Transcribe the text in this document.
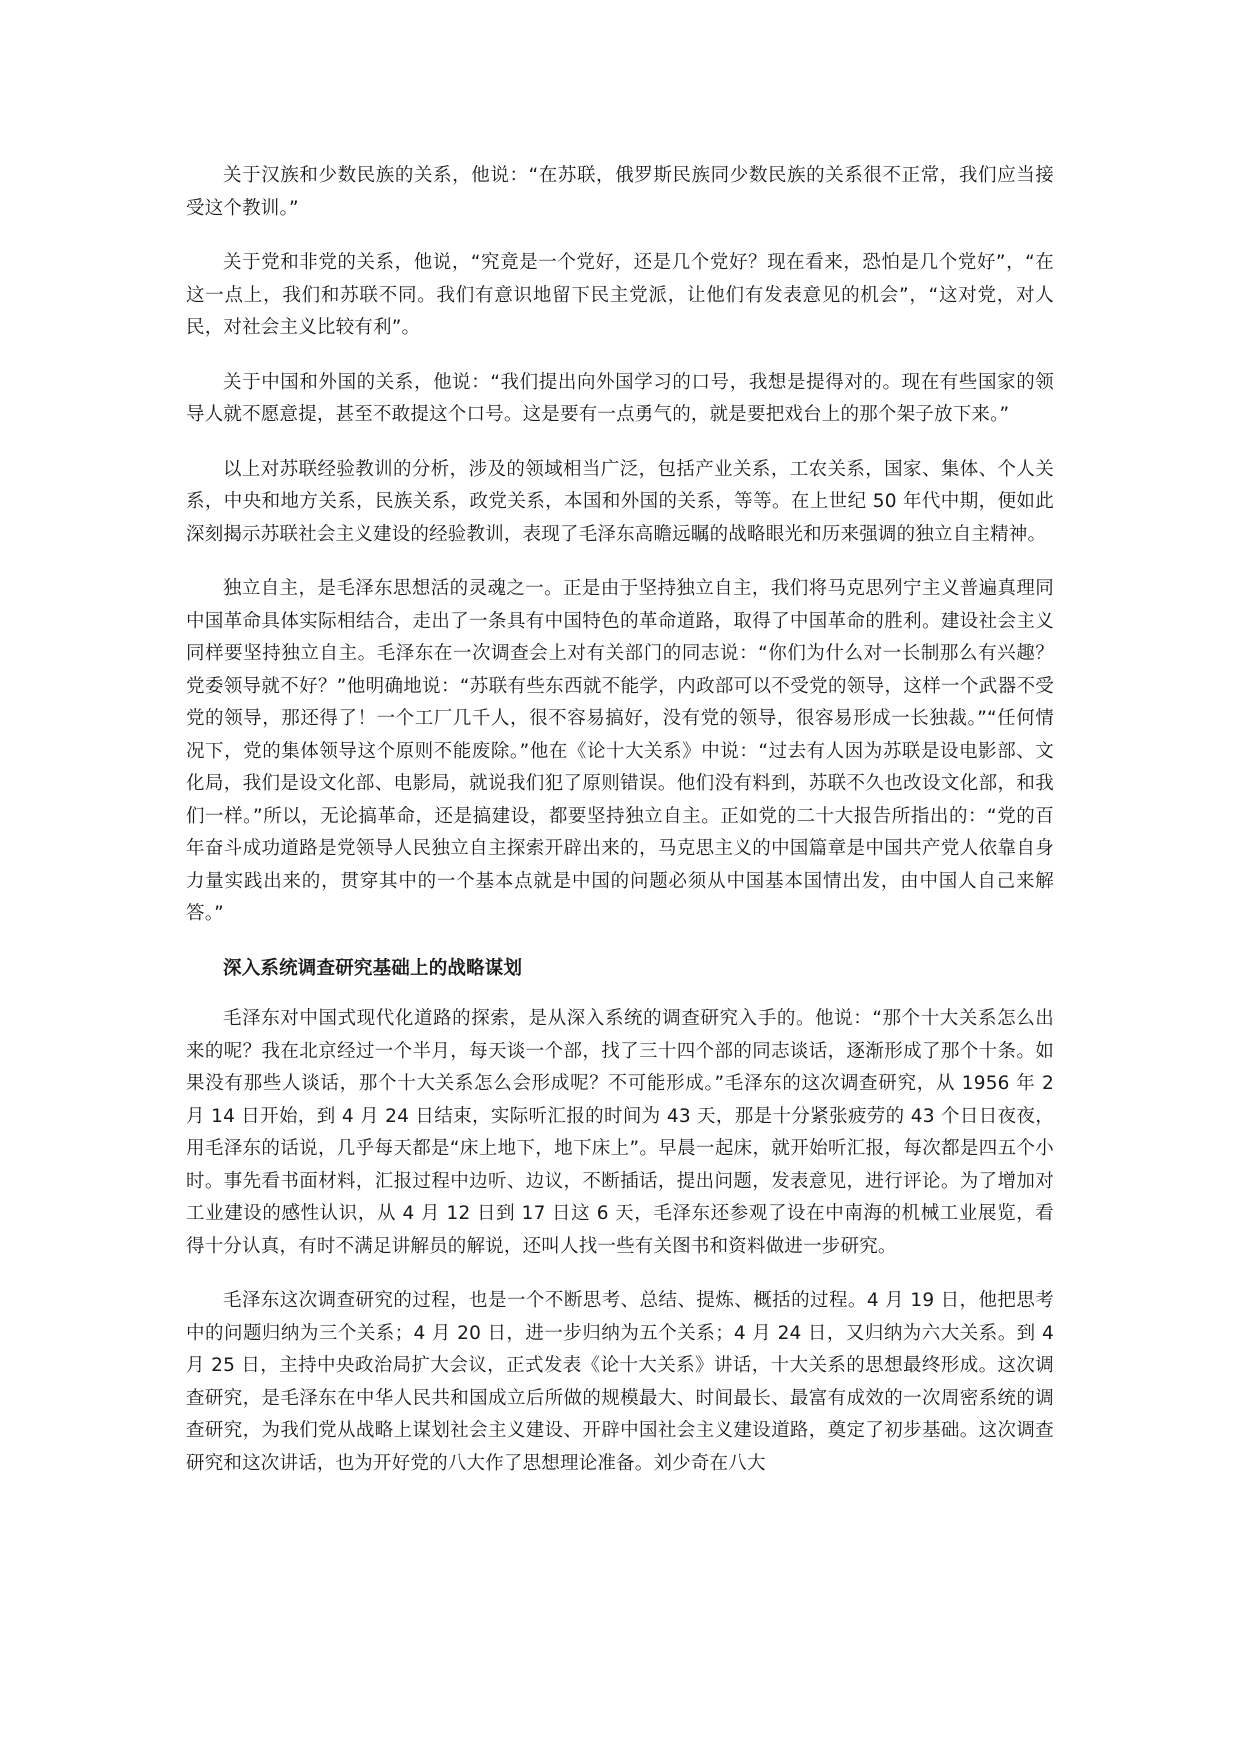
关于汉族和少数民族的关系，他说：“在苏联，俄罗斯民族同少数民族的关系很不正常，我们应当接受这个教训。”

关于党和非党的关系，他说，“究竟是一个党好，还是几个党好？现在看来，恐怕是几个党好”，“在这一点上，我们和苏联不同。我们有意识地留下民主党派，让他们有发表意见的机会”，“这对党，对人民，对社会主义比较有利”。

关于中国和外国的关系，他说：“我们提出向外国学习的口号，我想是提得对的。现在有些国家的领导人就不愿意提，甚至不敢提这个口号。这是要有一点勇气的，就是要把戏台上的那个架子放下来。”

以上对苏联经验教训的分析，涉及的领域相当广泛，包括产业关系，工农关系，国家、集体、个人关系，中央和地方关系，民族关系，政党关系，本国和外国的关系，等等。在上世纪 50 年代中期，便如此深刻揭示苏联社会主义建设的经验教训，表现了毛泽东高瞻远瞩的战略眼光和历来强调的独立自主精神。

独立自主，是毛泽东思想活的灵魂之一。正是由于坚持独立自主，我们将马克思列宁主义普遍真理同中国革命具体实际相结合，走出了一条具有中国特色的革命道路，取得了中国革命的胜利。建设社会主义同样要坚持独立自主。毛泽东在一次调查会上对有关部门的同志说：“你们为什么对一长制那么有兴趣？党委领导就不好？”他明确地说：“苏联有些东西就不能学，内政部可以不受党的领导，这样一个武器不受党的领导，那还得了！一个工厂几千人，很不容易搞好，没有党的领导，很容易形成一长独裁。”“任何情况下，党的集体领导这个原则不能废除。”他在《论十大关系》中说：“过去有人因为苏联是设电影部、文化局，我们是设文化部、电影局，就说我们犯了原则错误。他们没有料到，苏联不久也改设文化部，和我们一样。”所以，无论搞革命，还是搞建设，都要坚持独立自主。正如党的二十大报告所指出的：“党的百年奋斗成功道路是党领导人民独立自主探索开辟出来的，马克思主义的中国篇章是中国共产党人依靠自身力量实践出来的，贯穿其中的一个基本点就是中国的问题必须从中国基本国情出发，由中国人自己来解答。”

深入系统调查研究基础上的战略谋划

毛泽东对中国式现代化道路的探索，是从深入系统的调查研究入手的。他说：“那个十大关系怎么出来的呢？我在北京经过一个半月，每天谈一个部，找了三十四个部的同志谈话，逐渐形成了那个十条。如果没有那些人谈话，那个十大关系怎么会形成呢？不可能形成。”毛泽东的这次调查研究，从 1956 年 2 月 14 日开始，到 4 月 24 日结束，实际听汇报的时间为 43 天，那是十分紧张疲劳的 43 个日日夜夜，用毛泽东的话说，几乎每天都是“床上地下，地下床上”。早晨一起床，就开始听汇报，每次都是四五个小时。事先看书面材料，汇报过程中边听、边议，不断插话，提出问题，发表意见，进行评论。为了增加对工业建设的感性认识，从 4 月 12 日到 17 日这 6 天，毛泽东还参观了设在中南海的机械工业展览，看得十分认真，有时不满足讲解员的解说，还叫人找一些有关图书和资料做进一步研究。

毛泽东这次调查研究的过程，也是一个不断思考、总结、提炼、概括的过程。4 月 19 日，他把思考中的问题归纳为三个关系；4 月 20 日，进一步归纳为五个关系；4 月 24 日，又归纳为六大关系。到 4 月 25 日，主持中央政治局扩大会议，正式发表《论十大关系》讲话，十大关系的思想最终形成。这次调查研究，是毛泽东在中华人民共和国成立后所做的规模最大、时间最长、最富有成效的一次周密系统的调查研究，为我们党从战略上谋划社会主义建设、开辟中国社会主义建设道路，奠定了初步基础。这次调查研究和这次讲话，也为开好党的八大作了思想理论准备。刘少奇在八大
